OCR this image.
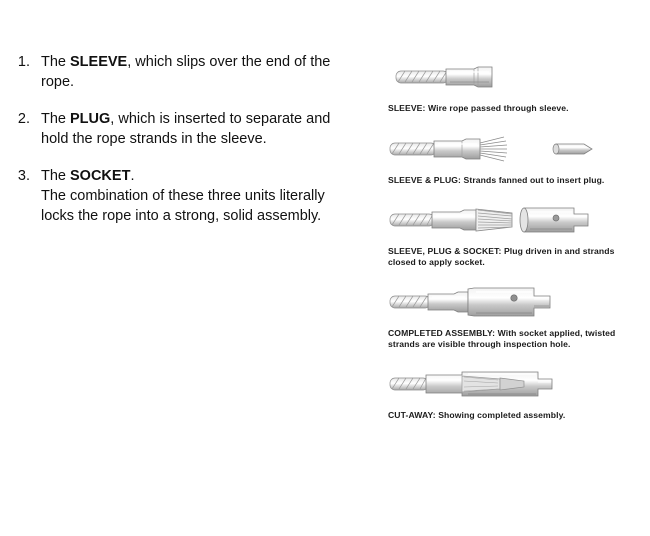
1. The SLEEVE, which slips over the end of the rope.
2. The PLUG, which is inserted to separate and hold the rope strands in the sleeve.
3. The SOCKET.
The combination of these three units literally locks the rope into a strong, solid assembly.
SLEEVE: Wire rope passed through sleeve.
SLEEVE & PLUG: Strands fanned out to insert plug.
SLEEVE, PLUG & SOCKET: Plug driven in and strands closed to apply socket.
COMPLETED ASSEMBLY: With socket applied, twisted strands are visible through inspection hole.
CUT-AWAY: Showing completed assembly.
